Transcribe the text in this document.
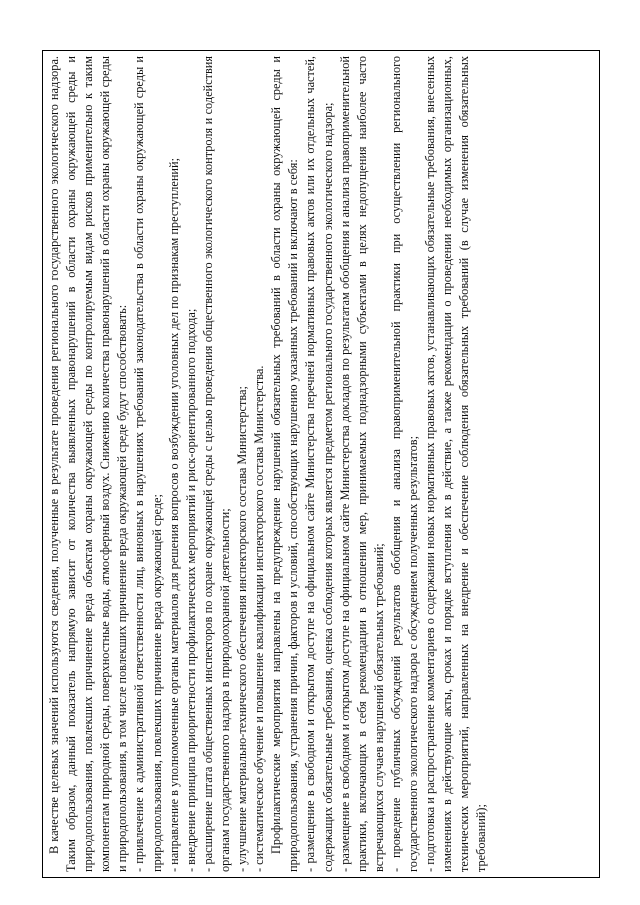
В качестве целевых значений используются сведения, полученные в результате проведения регионального государственного экологического надзора. Таким образом, данный показатель напрямую зависит от количества выявленных правонарушений в области охраны окружающей среды и природопользования, повлекших причинение вреда объектам охраны окружающей среды по контролируемым видам рисков применительно к таким компонентам природной среды, поверхностные воды, атмосферный воздух. Снижению количества правонарушений в области охраны окружающей среды и природопользования, в том числе повлекших причинение вреда окружающей среде будут способствовать: - привлечение к административной ответственности лиц, виновных в нарушениях требований законодательства в области охраны окружающей среды и природопользования, повлекших причинение вреда окружающей среде; - направление в уполномоченные органы материалов для решения вопросов о возбуждении уголовных дел по признакам преступлений; - внедрение принципа приоритетности профилактических мероприятий и риск-ориентированного подхода; - расширение штата общественных инспекторов по охране окружающей среды с целью проведения общественного экологического контроля и содействия органам государственного надзора в природоохранной деятельности; - улучшение материально-технического обеспечения инспекторского состава Министерства; - систематическое обучение и повышение квалификации инспекторского состава Министерства. Профилактические мероприятия направлены на предупреждение нарушений обязательных требований в области охраны окружающей среды и природопользования, устранения причин, факторов и условий, способствующих нарушению указанных требований и включают в себя: - размещение в свободном и открытом доступе на официальном сайте Министерства перечней нормативных правовых актов или их отдельных частей, содержащих обязательные требования, оценка соблюдения которых является предметом регионального государственного экологического надзора; - размещение в свободном и открытом доступе на официальном сайте Министерства докладов по результатам обобщения и анализа правоприменительной практики, включающих в себя рекомендации в отношении мер, принимаемых поднадзорными субъектами в целях недопущения наиболее часто встречающихся случаев нарушений обязательных требований; - проведение публичных обсуждений результатов обобщения и анализа правоприменительной практики при осуществлении регионального государственного экологического надзора с обсуждением полученных результатов; - подготовка и распространение комментариев о содержании новых нормативных правовых актов, устанавливающих обязательные требования, внесенных изменениях в действующие акты, сроках и порядке вступления их в действие, а также рекомендации о проведении необходимых организационных, технических мероприятий, направленных на внедрение и обеспечение соблюдения обязательных требований (в случае изменения обязательных требований);
